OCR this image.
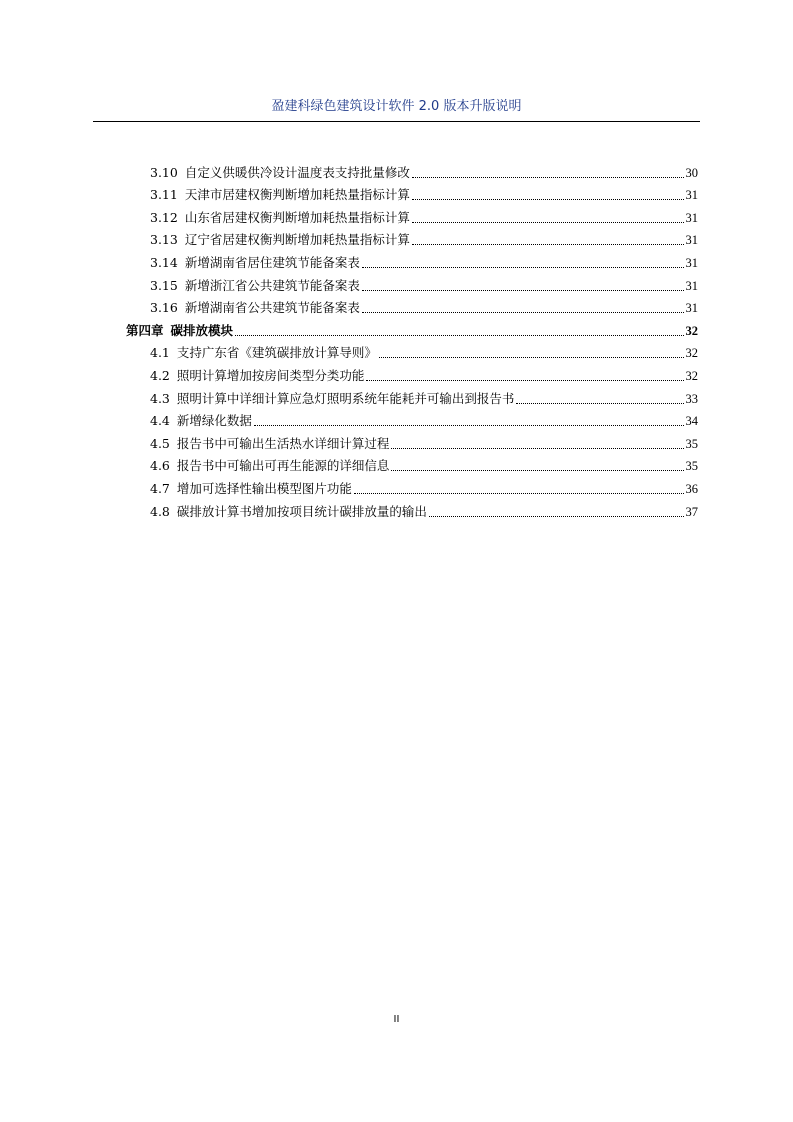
盈建科绿色建筑设计软件 2.0 版本升版说明
3.10 自定义供暖供冷设计温度表支持批量修改	30
3.11 天津市居建权衡判断增加耗热量指标计算	31
3.12 山东省居建权衡判断增加耗热量指标计算	31
3.13 辽宁省居建权衡判断增加耗热量指标计算	31
3.14 新增湖南省居住建筑节能备案表	31
3.15 新增浙江省公共建筑节能备案表	31
3.16 新增湖南省公共建筑节能备案表	31
第四章 碳排放模块	32
4.1 支持广东省《建筑碳排放计算导则》	32
4.2 照明计算增加按房间类型分类功能	32
4.3 照明计算中详细计算应急灯照明系统年能耗并可输出到报告书	33
4.4 新增绿化数据	34
4.5 报告书中可输出生活热水详细计算过程	35
4.6 报告书中可输出可再生能源的详细信息	35
4.7 增加可选择性输出模型图片功能	36
4.8 碳排放计算书增加按项目统计碳排放量的输出	37
II
